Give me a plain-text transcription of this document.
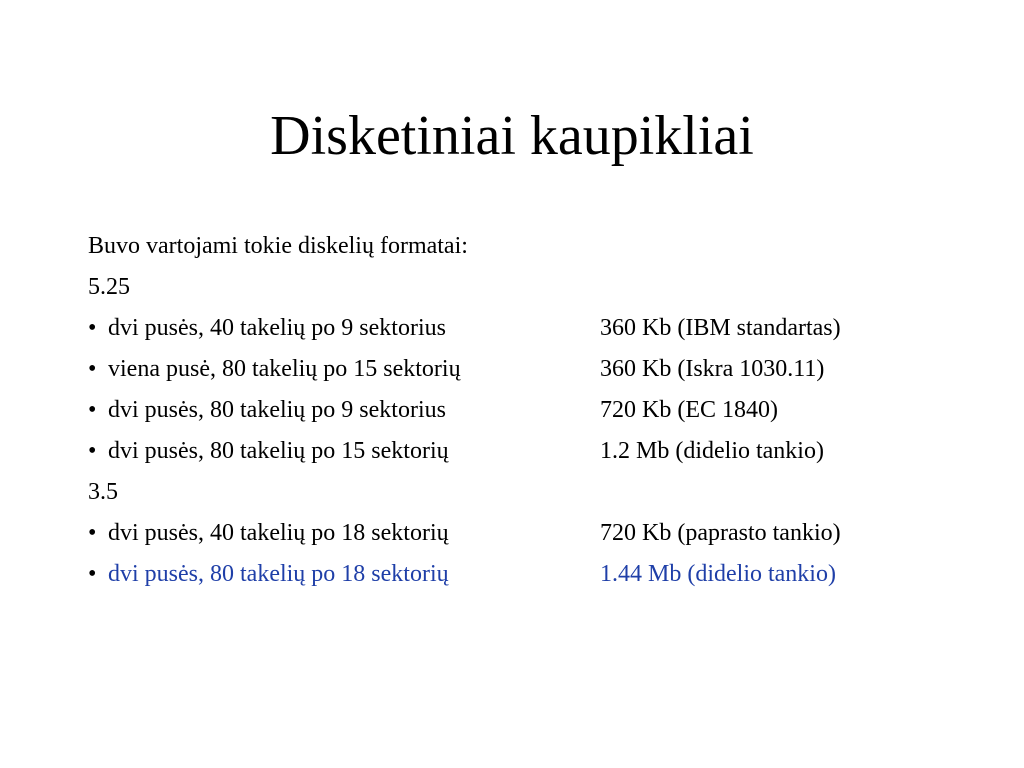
Disketiniai kaupikliai
Buvo vartojami tokie diskelių formatai:
5.25
• dvi pusės, 40 takelių po 9 sektorius	360 Kb (IBM standartas)
• viena pusė, 80 takelių po 15 sektorių	360 Kb (Iskra 1030.11)
• dvi pusės, 80 takelių po 9 sektorius	720 Kb (EC 1840)
• dvi pusės, 80 takelių po 15 sektorių	1.2 Mb (didelio tankio)
3.5
• dvi pusės, 40 takelių po 18 sektorių	720 Kb (paprasto tankio)
• dvi pusės, 80 takelių po 18 sektorių	1.44 Mb (didelio tankio)
